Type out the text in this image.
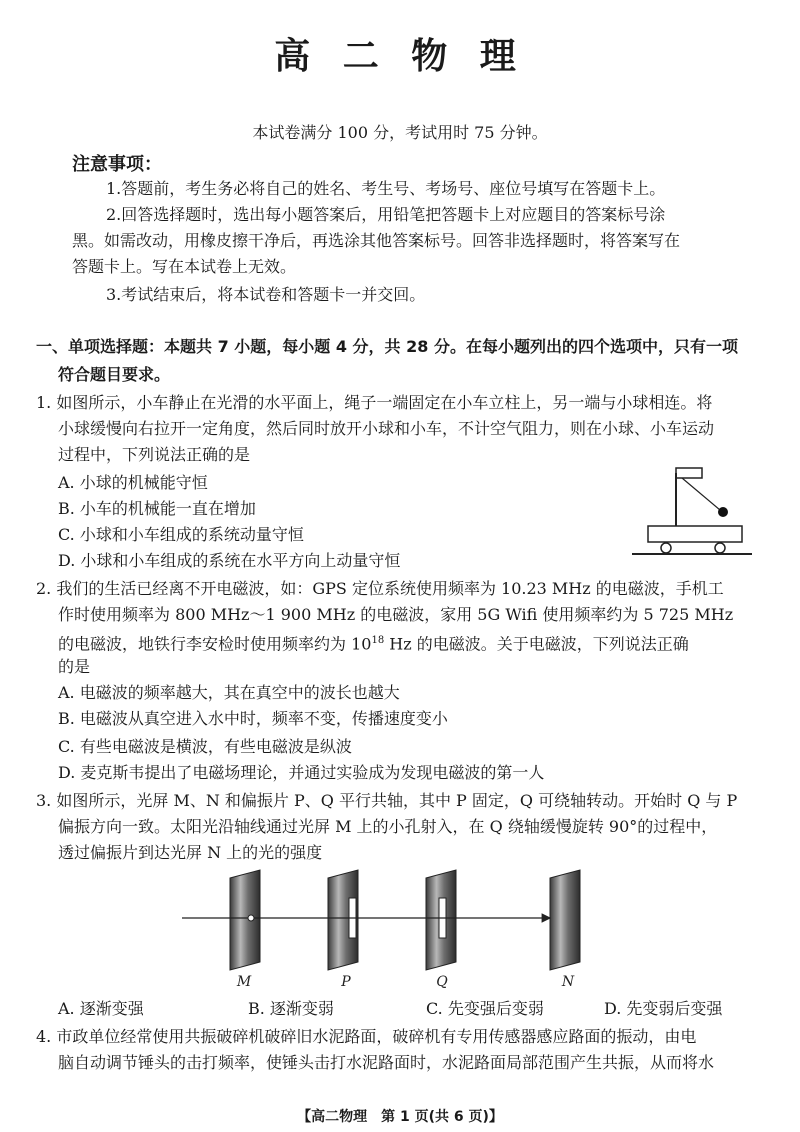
高 二 物 理
本试卷满分 100 分，考试用时 75 分钟。
注意事项：
1.答题前，考生务必将自己的姓名、考生号、考场号、座位号填写在答题卡上。
2.回答选择题时，选出每小题答案后，用铅笔把答题卡上对应题目的答案标号涂
黑。如需改动，用橡皮擦干净后，再选涂其他答案标号。回答非选择题时，将答案写在
答题卡上。写在本试卷上无效。
3.考试结束后，将本试卷和答题卡一并交回。
一、单项选择题：本题共 7 小题，每小题 4 分，共 28 分。在每小题列出的四个选项中，只有一项
符合题目要求。
1. 如图所示，小车静止在光滑的水平面上，绳子一端固定在小车立柱上，另一端与小球相连。将
小球缓慢向右拉开一定角度，然后同时放开小球和小车，不计空气阻力，则在小球、小车运动
过程中，下列说法正确的是
A. 小球的机械能守恒
B. 小车的机械能一直在增加
C. 小球和小车组成的系统动量守恒
D. 小球和小车组成的系统在水平方向上动量守恒
2. 我们的生活已经离不开电磁波，如：GPS 定位系统使用频率为 10.23 MHz 的电磁波，手机工
作时使用频率为 800 MHz～1 900 MHz 的电磁波，家用 5G Wifi 使用频率约为 5 725 MHz
的电磁波，地铁行李安检时使用频率约为 $10^{18}$ Hz 的电磁波。关于电磁波，下列说法正确
的是
A. 电磁波的频率越大，其在真空中的波长也越大
B. 电磁波从真空进入水中时，频率不变，传播速度变小
C. 有些电磁波是横波，有些电磁波是纵波
D. 麦克斯韦提出了电磁场理论，并通过实验成为发现电磁波的第一人
3. 如图所示，光屏 M、N 和偏振片 P、Q 平行共轴，其中 P 固定，Q 可绕轴转动。开始时 Q 与 P
偏振方向一致。太阳光沿轴线通过光屏 M 上的小孔射入，在 Q 绕轴缓慢旋转 90°的过程中，
透过偏振片到达光屏 N 上的光的强度
M	P	Q	N
A. 逐渐变强	B. 逐渐变弱	C. 先变强后变弱	D. 先变弱后变强
4. 市政单位经常使用共振破碎机破碎旧水泥路面，破碎机有专用传感器感应路面的振动，由电
脑自动调节锤头的击打频率，使锤头击打水泥路面时，水泥路面局部范围产生共振，从而将水
【高二物理　第 1 页(共 6 页)】
